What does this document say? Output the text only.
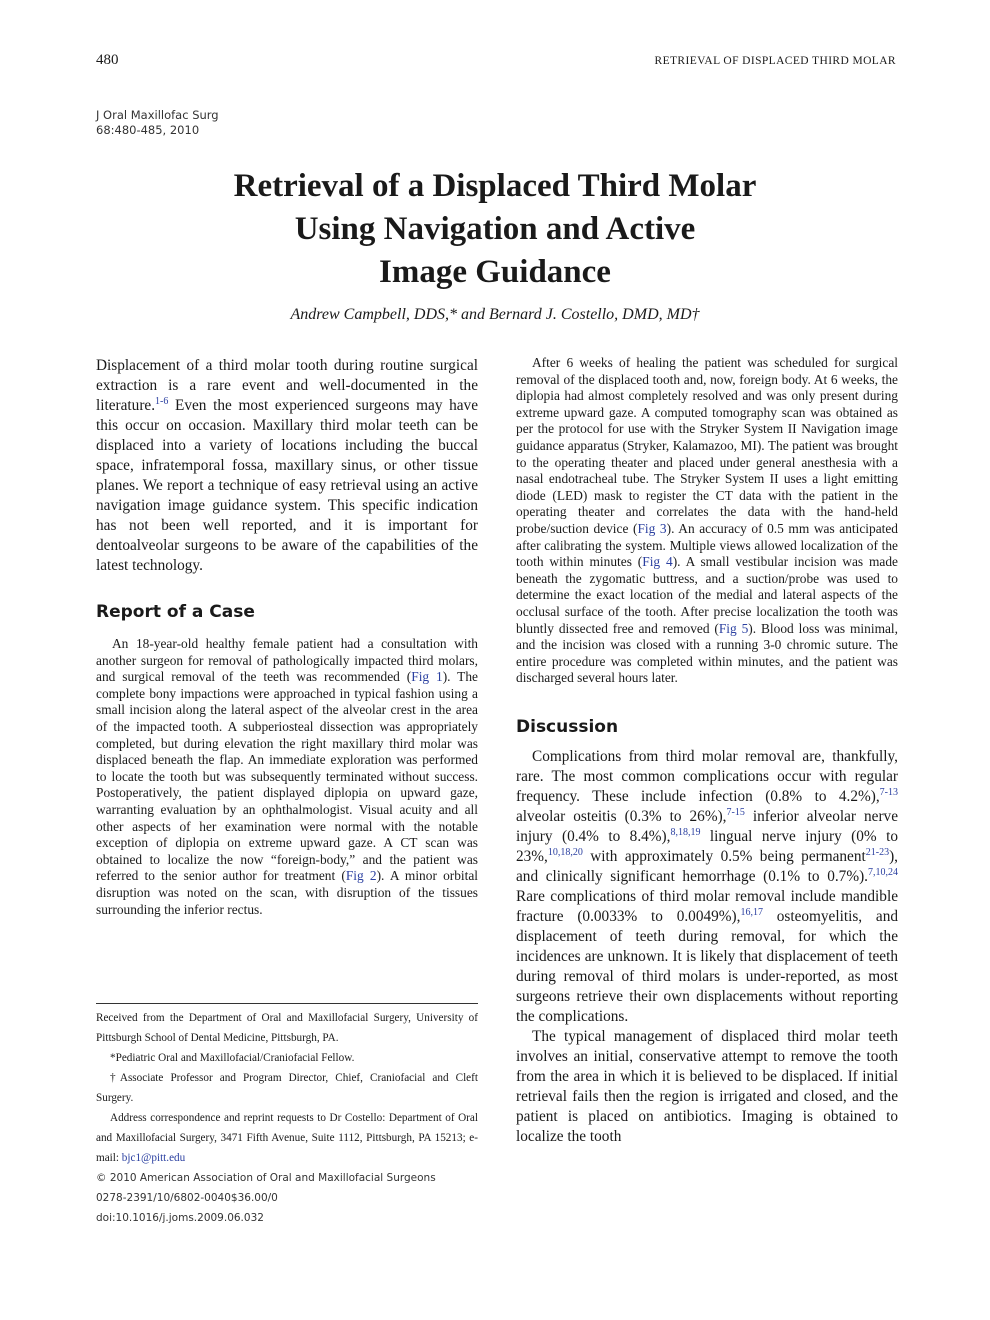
480	RETRIEVAL OF DISPLACED THIRD MOLAR
J Oral Maxillofac Surg
68:480-485, 2010
Retrieval of a Displaced Third Molar
Using Navigation and Active
Image Guidance
Andrew Campbell, DDS,* and Bernard J. Costello, DMD, MD†

Displacement of a third molar tooth during routine surgical extraction is a rare event and well-documented in the literature.$^{1-6}$ Even the most experienced surgeons may have this occur on occasion. Maxillary third molar teeth can be displaced into a variety of locations including the buccal space, infratemporal fossa, maxillary sinus, or other tissue planes. We report a technique of easy retrieval using an active navigation image guidance system. This specific indication has not been well reported, and it is important for dentoalveolar surgeons to be aware of the capabilities of the latest technology.

Report of a Case

An 18-year-old healthy female patient had a consultation with another surgeon for removal of pathologically impacted third molars, and surgical removal of the teeth was recommended (Fig 1). The complete bony impactions were approached in typical fashion using a small incision along the lateral aspect of the alveolar crest in the area of the impacted tooth. A subperiosteal dissection was appropriately completed, but during elevation the right maxillary third molar was displaced beneath the flap. An immediate exploration was performed to locate the tooth but was subsequently terminated without success. Postoperatively, the patient displayed diplopia on upward gaze, warranting evaluation by an ophthalmologist. Visual acuity and all other aspects of her examination were normal with the notable exception of diplopia on extreme upward gaze. A CT scan was obtained to localize the now “foreign-body,” and the patient was referred to the senior author for treatment (Fig 2). A minor orbital disruption was noted on the scan, with disruption of the tissues surrounding the inferior rectus.

Received from the Department of Oral and Maxillofacial Surgery, University of Pittsburgh School of Dental Medicine, Pittsburgh, PA.

*Pediatric Oral and Maxillofacial/Craniofacial Fellow.

†Associate Professor and Program Director, Chief, Craniofacial and Cleft Surgery.

Address correspondence and reprint requests to Dr Costello: Department of Oral and Maxillofacial Surgery, 3471 Fifth Avenue, Suite 1112, Pittsburgh, PA 15213; e-mail: bjc1@pitt.edu

© 2010 American Association of Oral and Maxillofacial Surgeons

0278-2391/10/6802-0040$36.00/0

doi:10.1016/j.joms.2009.06.032

After 6 weeks of healing the patient was scheduled for surgical removal of the displaced tooth and, now, foreign body. At 6 weeks, the diplopia had almost completely resolved and was only present during extreme upward gaze. A computed tomography scan was obtained as per the protocol for use with the Stryker System II Navigation image guidance apparatus (Stryker, Kalamazoo, MI). The patient was brought to the operating theater and placed under general anesthesia with a nasal endotracheal tube. The Stryker System II uses a light emitting diode (LED) mask to register the CT data with the patient in the operating theater and correlates the data with the hand-held probe/suction device (Fig 3). An accuracy of 0.5 mm was anticipated after calibrating the system. Multiple views allowed localization of the tooth within minutes (Fig 4). A small vestibular incision was made beneath the zygomatic buttress, and a suction/probe was used to determine the exact location of the medial and lateral aspects of the occlusal surface of the tooth. After precise localization the tooth was bluntly dissected free and removed (Fig 5). Blood loss was minimal, and the incision was closed with a running 3-0 chromic suture. The entire procedure was completed within minutes, and the patient was discharged several hours later.

Discussion

Complications from third molar removal are, thankfully, rare. The most common complications occur with regular frequency. These include infection (0.8% to 4.2%),$^{7-13}$ alveolar osteitis (0.3% to 26%),$^{7-15}$ inferior alveolar nerve injury (0.4% to 8.4%),$^{8,18,19}$ lingual nerve injury (0% to 23%,$^{10,18,20}$ with approximately 0.5% being permanent$^{21-23}$), and clinically significant hemorrhage (0.1% to 0.7%).$^{7,10,24}$ Rare complications of third molar removal include mandible fracture (0.0033% to 0.0049%),$^{16,17}$ osteomyelitis, and displacement of teeth during removal, for which the incidences are unknown. It is likely that displacement of teeth during removal of third molars is under-reported, as most surgeons retrieve their own displacements without reporting the complications.

The typical management of displaced third molar teeth involves an initial, conservative attempt to remove the tooth from the area in which it is believed to be displaced. If initial retrieval fails then the region is irrigated and closed, and the patient is placed on antibiotics. Imaging is obtained to localize the tooth
